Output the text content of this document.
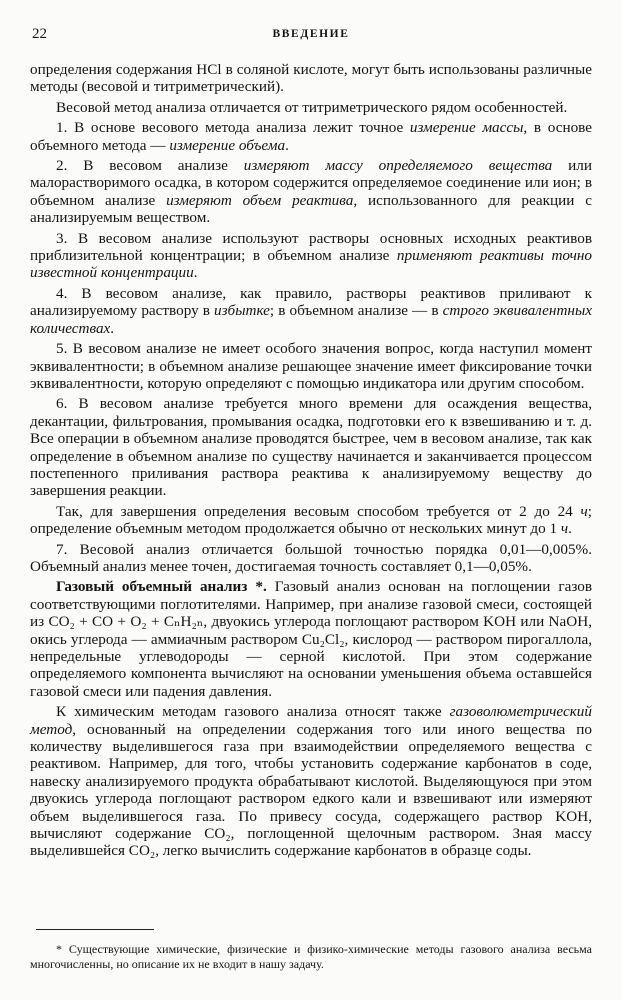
22	ВВЕДЕНИЕ

определения содержания HCl в соляной кислоте, могут быть использованы различные методы (весовой и титриметрический).

Весовой метод анализа отличается от титриметрического рядом особенностей.

1. В основе весового метода анализа лежит точное измерение массы, в основе объемного метода — измерение объема.

2. В весовом анализе измеряют массу определяемого вещества или малорастворимого осадка, в котором содержится определяемое соединение или ион; в объемном анализе измеряют объем реактива, использованного для реакции с анализируемым веществом.

3. В весовом анализе используют растворы основных исходных реактивов приблизительной концентрации; в объемном анализе применяют реактивы точно известной концентрации.

4. В весовом анализе, как правило, растворы реактивов приливают к анализируемому раствору в избытке; в объемном анализе — в строго эквивалентных количествах.

5. В весовом анализе не имеет особого значения вопрос, когда наступил момент эквивалентности; в объемном анализе решающее значение имеет фиксирование точки эквивалентности, которую определяют с помощью индикатора или другим способом.

6. В весовом анализе требуется много времени для осаждения вещества, декантации, фильтрования, промывания осадка, подготовки его к взвешиванию и т. д. Все операции в объемном анализе проводятся быстрее, чем в весовом анализе, так как определение в объемном анализе по существу начинается и заканчивается процессом постепенного приливания раствора реактива к анализируемому веществу до завершения реакции.

Так, для завершения определения весовым способом требуется от 2 до 24 ч; определение объемным методом продолжается обычно от нескольких минут до 1 ч.

7. Весовой анализ отличается большой точностью порядка 0,01—0,005%. Объемный анализ менее точен, достигаемая точность составляет 0,1—0,05%.

Газовый объемный анализ *. Газовый анализ основан на поглощении газов соответствующими поглотителями. Например, при анализе газовой смеси, состоящей из CO₂ + CO + O₂ + CₙH₂ₙ, двуокись углерода поглощают раствором KOH или NaOH, окись углерода — аммиачным раствором Cu₂Cl₂, кислород — раствором пирогаллола, непредельные углеводороды — серной кислотой. При этом содержание определяемого компонента вычисляют на основании уменьшения объема оставшейся газовой смеси или падения давления.

К химическим методам газового анализа относят также газоволюметрический метод, основанный на определении содержания того или иного вещества по количеству выделившегося газа при взаимодействии определяемого вещества с реактивом. Например, для того, чтобы установить содержание карбонатов в соде, навеску анализируемого продукта обрабатывают кислотой. Выделяющуюся при этом двуокись углерода поглощают раствором едкого кали и взвешивают или измеряют объем выделившегося газа. По привесу сосуда, содержащего раствор KOH, вычисляют содержание CO₂, поглощенной щелочным раствором. Зная массу выделившейся CO₂, легко вычислить содержание карбонатов в образце соды.

* Существующие химические, физические и физико-химические методы газового анализа весьма многочисленны, но описание их не входит в нашу задачу.
